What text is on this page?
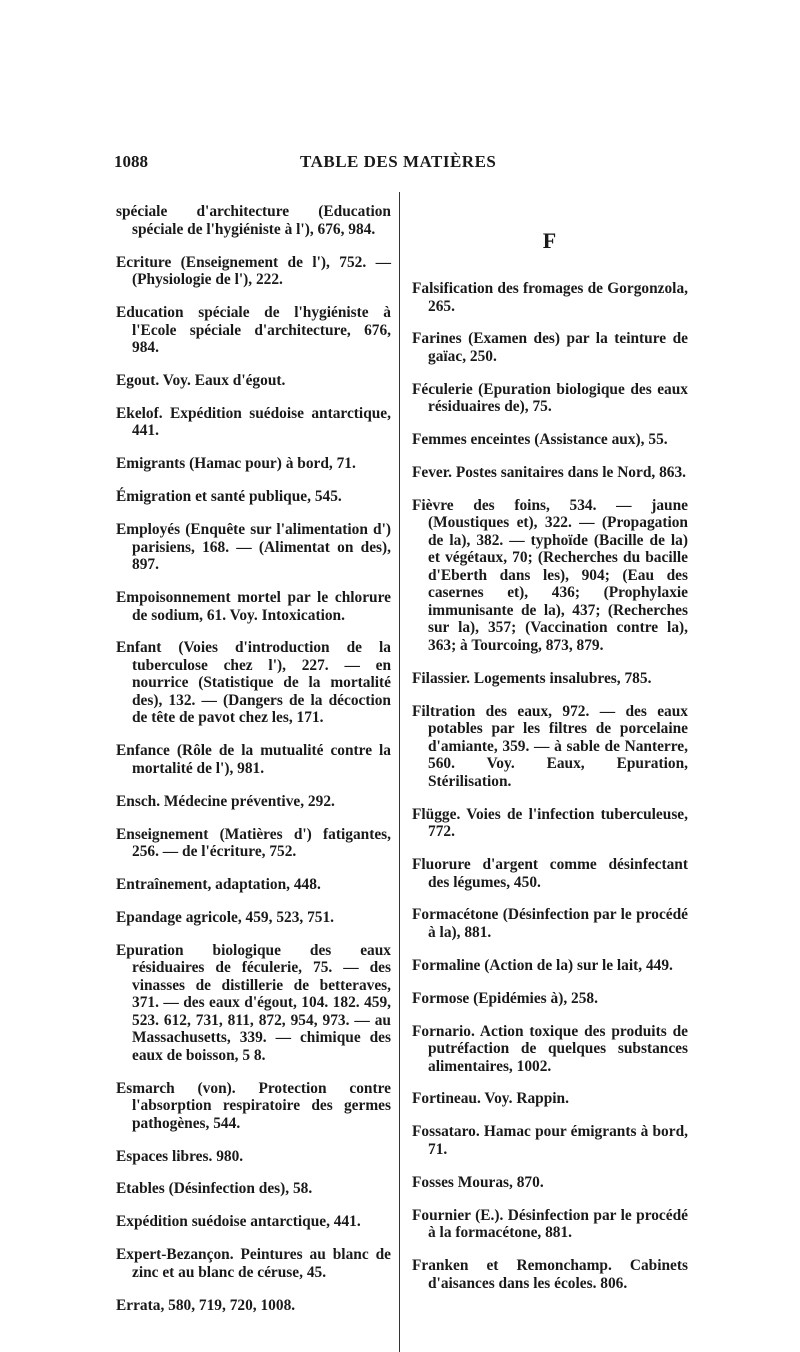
1088	TABLE DES MATIÈRES

spéciale d'architecture (Education spéciale de l'hygiéniste à l'), 676, 984.

Ecriture (Enseignement de l'), 752. — (Physiologie de l'), 222.

Education spéciale de l'hygiéniste à l'Ecole spéciale d'architecture, 676, 984.

Egout. Voy. Eaux d'égout.

Ekelof. Expédition suédoise antarctique, 441.

Emigrants (Hamac pour) à bord, 71.

Émigration et santé publique, 545.

Employés (Enquête sur l'alimentation d') parisiens, 168. — (Alimentat on des), 897.

Empoisonnement mortel par le chlorure de sodium, 61. Voy. Intoxication.

Enfant (Voies d'introduction de la tuberculose chez l'), 227. — en nourrice (Statistique de la mortalité des), 132. — (Dangers de la décoction de tête de pavot chez les, 171.

Enfance (Rôle de la mutualité contre la mortalité de l'), 981.

Ensch. Médecine préventive, 292.

Enseignement (Matières d') fatigantes, 256. — de l'écriture, 752.

Entraînement, adaptation, 448.

Epandage agricole, 459, 523, 751.

Epuration biologique des eaux résiduaires de féculerie, 75. — des vinasses de distillerie de betteraves, 371. — des eaux d'égout, 104. 182. 459, 523. 612, 731, 811, 872, 954, 973. — au Massachusetts, 339. — chimique des eaux de boisson, 5 8.

Esmarch (von). Protection contre l'absorption respiratoire des germes pathogènes, 544.

Espaces libres. 980.

Etables (Désinfection des), 58.

Expédition suédoise antarctique, 441.

Expert-Bezançon. Peintures au blanc de zinc et au blanc de céruse, 45.

Errata, 580, 719, 720, 1008.

F

Falsification des fromages de Gorgonzola, 265.

Farines (Examen des) par la teinture de gaïac, 250.

Féculerie (Epuration biologique des eaux résiduaires de), 75.

Femmes enceintes (Assistance aux), 55.

Fever. Postes sanitaires dans le Nord, 863.

Fièvre des foins, 534. — jaune (Moustiques et), 322. — (Propagation de la), 382. — typhoïde (Bacille de la) et végétaux, 70; (Recherches du bacille d'Eberth dans les), 904; (Eau des casernes et), 436; (Prophylaxie immunisante de la), 437; (Recherches sur la), 357; (Vaccination contre la), 363; à Tourcoing, 873, 879.

Filassier. Logements insalubres, 785.

Filtration des eaux, 972. — des eaux potables par les filtres de porcelaine d'amiante, 359. — à sable de Nanterre, 560. Voy. Eaux, Epuration, Stérilisation.

Flügge. Voies de l'infection tuberculeuse, 772.

Fluorure d'argent comme désinfectant des légumes, 450.

Formacétone (Désinfection par le procédé à la), 881.

Formaline (Action de la) sur le lait, 449.

Formose (Epidémies à), 258.

Fornario. Action toxique des produits de putréfaction de quelques substances alimentaires, 1002.

Fortineau. Voy. Rappin.

Fossataro. Hamac pour émigrants à bord, 71.

Fosses Mouras, 870.

Fournier (E.). Désinfection par le procédé à la formacétone, 881.

Franken et Remonchamp. Cabinets d'aisances dans les écoles. 806.
